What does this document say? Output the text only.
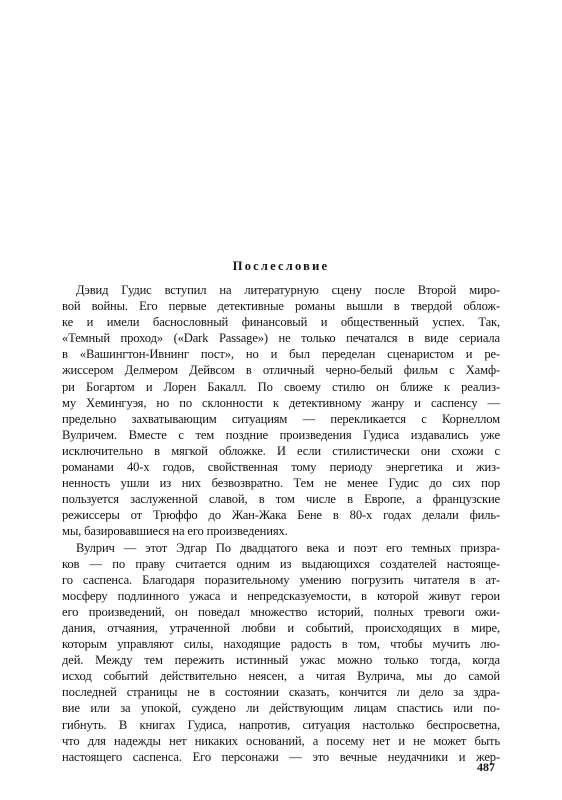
Послесловие
Дэвид Гудис вступил на литературную сцену после Второй миро-
вой войны. Его первые детективные романы вышли в твердой облож-
ке и имели баснословный финансовый и общественный успех. Так,
«Темный проход» («Dark Passage») не только печатался в виде сериала
в «Вашингтон-Ивнинг пост», но и был переделан сценаристом и ре-
жиссером Делмером Дейвсом в отличный черно-белый фильм с Хамф-
ри Богартом и Лорен Бакалл. По своему стилю он ближе к реализ-
му Хемингуэя, но по склонности к детективному жанру и саспенсу —
предельно захватывающим ситуациям — перекликается с Корнеллом
Вулричем. Вместе с тем поздние произведения Гудиса издавались уже
исключительно в мягкой обложке. И если стилистически они схожи с
романами 40-х годов, свойственная тому периоду энергетика и жиз-
ненность ушли из них безвозвратно. Тем не менее Гудис до сих пор
пользуется заслуженной славой, в том числе в Европе, а французские
режиссеры от Трюффо до Жан-Жака Бене в 80-х годах делали филь-
мы, базировавшиеся на его произведениях.
Вулрич — этот Эдгар По двадцатого века и поэт его темных призра-
ков — по праву считается одним из выдающихся создателей настояще-
го саспенса. Благодаря поразительному умению погрузить читателя в ат-
мосферу подлинного ужаса и непредсказуемости, в которой живут герои
его произведений, он поведал множество историй, полных тревоги ожи-
дания, отчаяния, утраченной любви и событий, происходящих в мире,
которым управляют силы, находящие радость в том, чтобы мучить лю-
дей. Между тем пережить истинный ужас можно только тогда, когда
исход событий действительно неясен, а читая Вулрича, мы до самой
последней страницы не в состоянии сказать, кончится ли дело за здра-
вие или за упокой, суждено ли действующим лицам спастись или по-
гибнуть. В книгах Гудиса, напротив, ситуация настолько беспросветна,
что для надежды нет никаких оснований, а посему нет и не может быть
настоящего саспенса. Его персонажи — это вечные неудачники и жер-

487
